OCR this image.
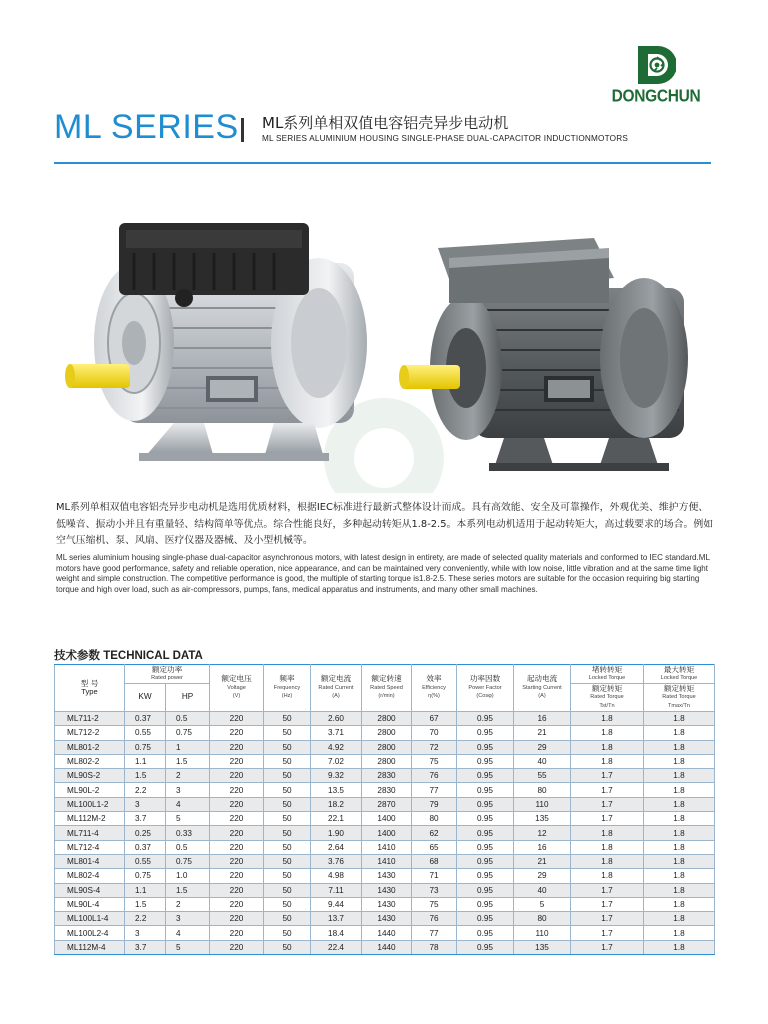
DONGCHUN
ML SERIES ML系列单相双值电容铝壳异步电动机
ML SERIES ALUMINIUM HOUSING SINGLE-PHASE DUAL-CAPACITOR INDUCTIONMOTORS
ML系列单相双值电容铝壳异步电动机是选用优质材料，根据IEC标准进行最新式整体设计而成。具有高效能、安全及可靠操作，外观优美、维护方便、低噪音、振动小并且有重量轻、结构简单等优点。综合性能良好，多种起动转矩从1.8-2.5。本系列电动机适用于起动转矩大，高过载要求的场合。例如空气压缩机、泵、风扇、医疗仪器及器械、及小型机械等。
ML series aluminium housing single-phase dual-capacitor asynchronous motors, with latest design in entirety, are made of selected quality materials and conformed to IEC standard.ML motors have good performance, safety and reliable operation, nice appearance, and can be maintained very conveniently, while with low noise, little vibration and at the same time light weight and simple construction. The competitive performance is good, the multiple of starting torque is1.8-2.5. These series motors are suitable for the occasion requiring big starting torque and high over load, such as air-compressors, pumps, fans, medical apparatus and instruments, and many other small machines.
技术参数 TECHNICAL DATA
型 号
Type	额定功率
Rated power		额定电压
Voltage
(V)	频率
Frequency
(Hz)	额定电流
Rated Current
(A)	额定转速
Rated Speed
(r/min)	效率
Efficiency
η(%)	功率因数
Power Factor
(Cosφ)	起动电流
Starting Current
(A)	堵转转矩
Locked Torque	最大转矩
Locked Torque

	KW	HP								额定转矩
Rated Torque
Tst/Tn	额定转矩
Rated Torque
Tmax/Tn

ML711-2	0.37	0.5	220	50	2.60	2800	67	0.95	16	1.8	1.8
ML712-2	0.55	0.75	220	50	3.71	2800	70	0.95	21	1.8	1.8
ML801-2	0.75	1	220	50	4.92	2800	72	0.95	29	1.8	1.8
ML802-2	1.1	1.5	220	50	7.02	2800	75	0.95	40	1.8	1.8
ML90S-2	1.5	2	220	50	9.32	2830	76	0.95	55	1.7	1.8
ML90L-2	2.2	3	220	50	13.5	2830	77	0.95	80	1.7	1.8
ML100L1-2	3	4	220	50	18.2	2870	79	0.95	110	1.7	1.8
ML112M-2	3.7	5	220	50	22.1	1400	80	0.95	135	1.7	1.8
ML711-4	0.25	0.33	220	50	1.90	1400	62	0.95	12	1.8	1.8
ML712-4	0.37	0.5	220	50	2.64	1410	65	0.95	16	1.8	1.8
ML801-4	0.55	0.75	220	50	3.76	1410	68	0.95	21	1.8	1.8
ML802-4	0.75	1.0	220	50	4.98	1430	71	0.95	29	1.8	1.8
ML90S-4	1.1	1.5	220	50	7.11	1430	73	0.95	40	1.7	1.8
ML90L-4	1.5	2	220	50	9.44	1430	75	0.95	5	1.7	1.8
ML100L1-4	2.2	3	220	50	13.7	1430	76	0.95	80	1.7	1.8
ML100L2-4	3	4	220	50	18.4	1440	77	0.95	110	1.7	1.8
ML112M-4	3.7	5	220	50	22.4	1440	78	0.95	135	1.7	1.8
